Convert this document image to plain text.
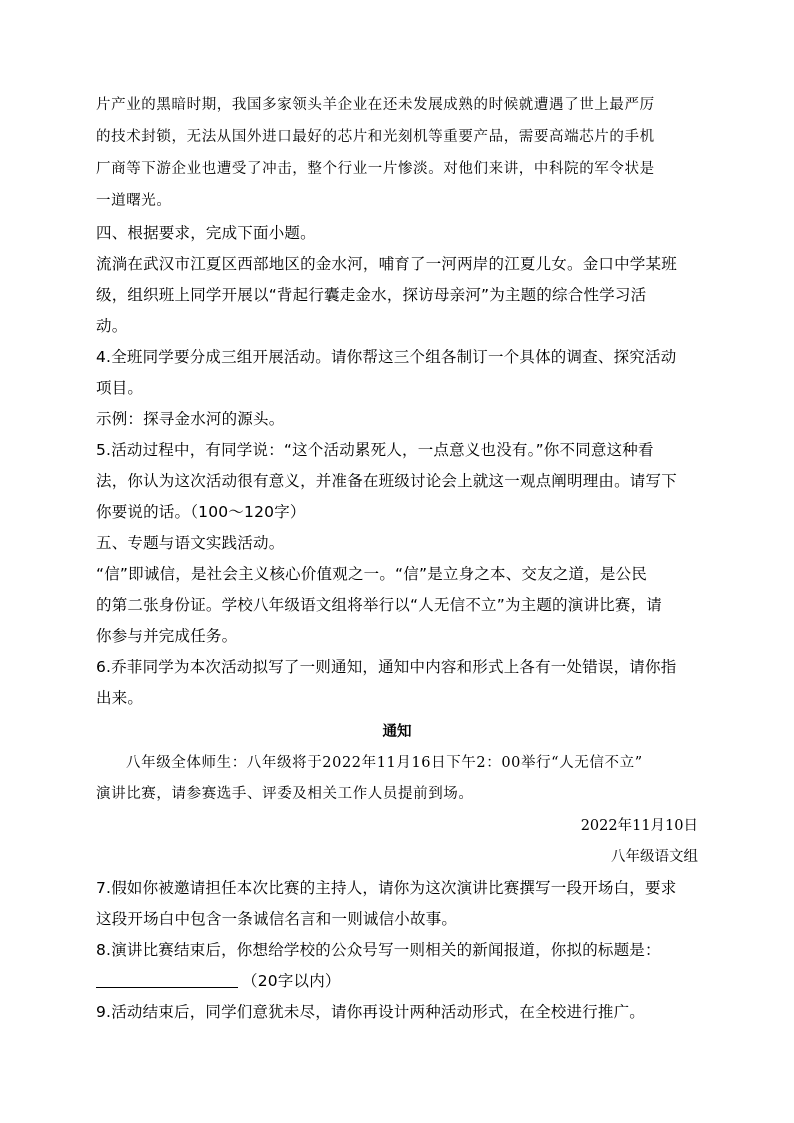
片产业的黑暗时期，我国多家领头羊企业在还未发展成熟的时候就遭遇了世上最严厉
的技术封锁，无法从国外进口最好的芯片和光刻机等重要产品，需要高端芯片的手机
厂商等下游企业也遭受了冲击，整个行业一片惨淡。对他们来讲，中科院的军令状是
一道曙光。
四、根据要求，完成下面小题。
流淌在武汉市江夏区西部地区的金水河，哺育了一河两岸的江夏儿女。金口中学某班
级，组织班上同学开展以“背起行囊走金水，探访母亲河”为主题的综合性学习活
动。
4.全班同学要分成三组开展活动。请你帮这三个组各制订一个具体的调查、探究活动
项目。
示例：探寻金水河的源头。
5.活动过程中，有同学说：“这个活动累死人，一点意义也没有。”你不同意这种看
法，你认为这次活动很有意义，并准备在班级讨论会上就这一观点阐明理由。请写下
你要说的话。（100～120字）
五、专题与语文实践活动。
“信”即诚信，是社会主义核心价值观之一。“信”是立身之本、交友之道，是公民
的第二张身份证。学校八年级语文组将举行以“人无信不立”为主题的演讲比赛，请
你参与并完成任务。
6.乔菲同学为本次活动拟写了一则通知，通知中内容和形式上各有一处错误，请你指
出来。
通知
八年级全体师生：八年级将于2022年11月16日下午2：00举行“人无信不立”
演讲比赛，请参赛选手、评委及相关工作人员提前到场。
2022年11月10日
八年级语文组
7.假如你被邀请担任本次比赛的主持人，请你为这次演讲比赛撰写一段开场白，要求
这段开场白中包含一条诚信名言和一则诚信小故事。
8.演讲比赛结束后，你想给学校的公众号写一则相关的新闻报道，你拟的标题是：
（20字以内）
9.活动结束后，同学们意犹未尽，请你再设计两种活动形式，在全校进行推广。
